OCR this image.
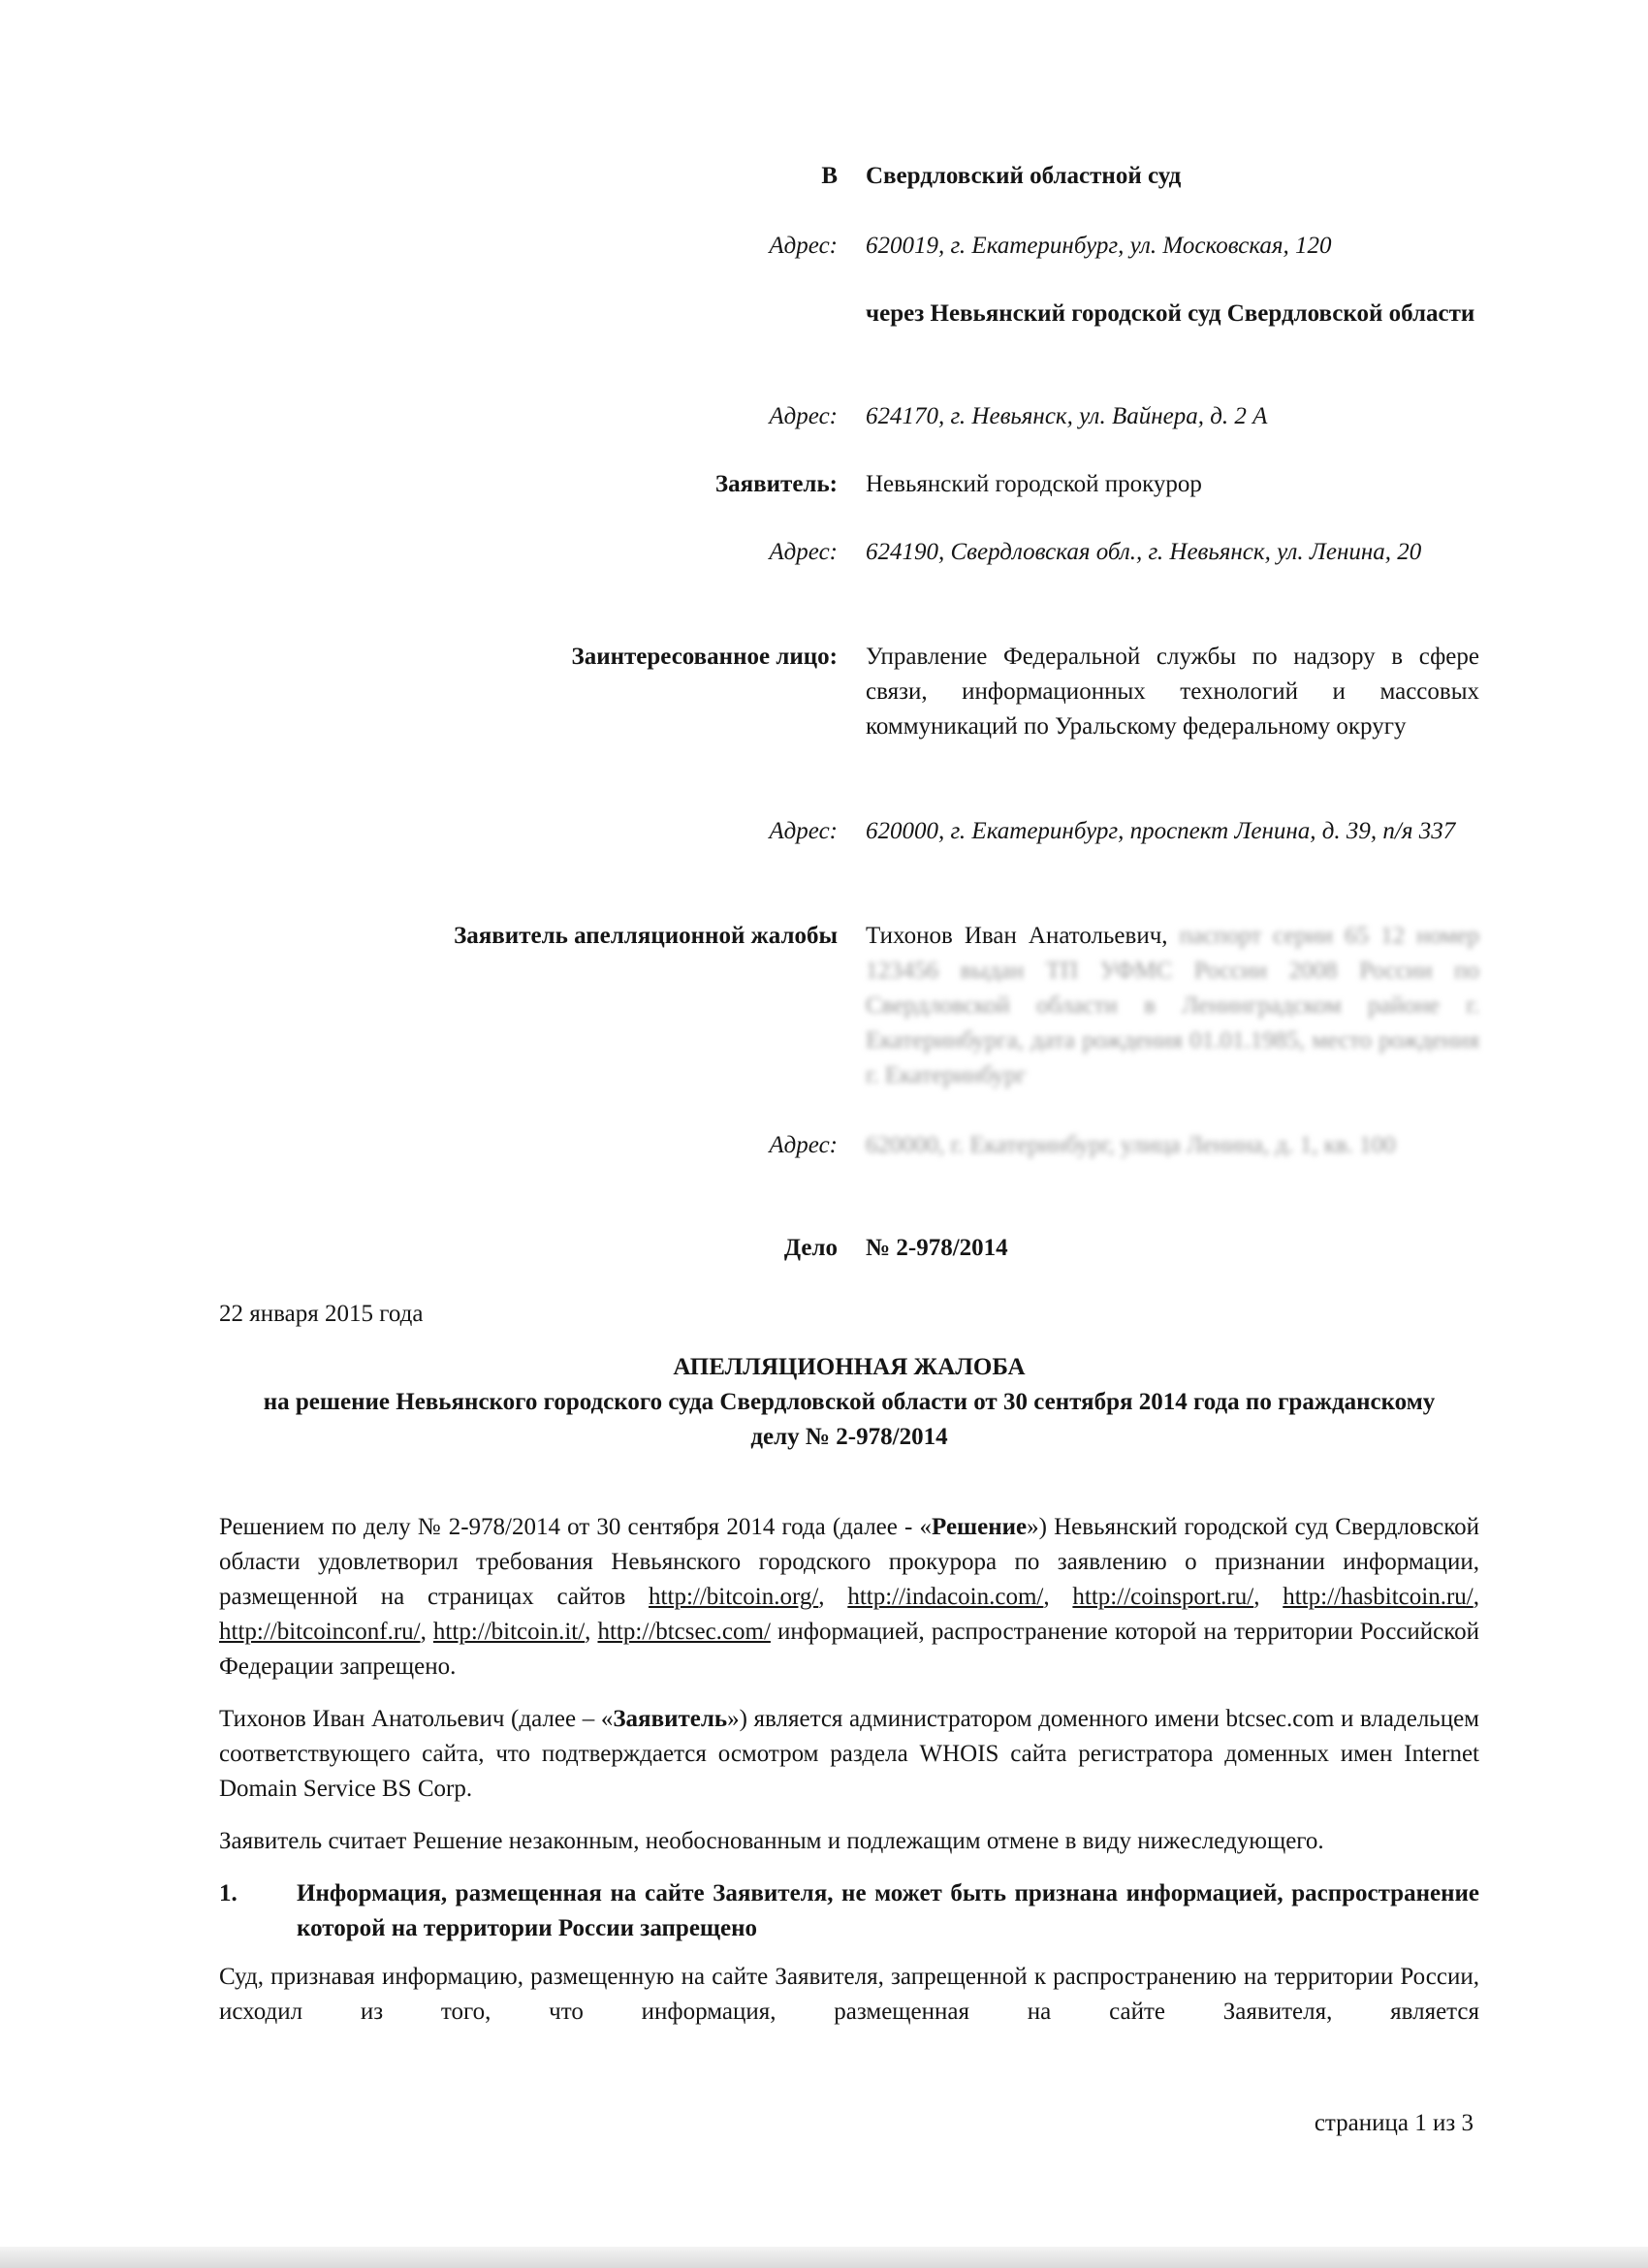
В Свердловский областной суд
Адрес: 620019, г. Екатеринбург, ул. Московская, 120
через Невьянский городской суд Свердловской области
Адрес: 624170, г. Невьянск, ул. Вайнера, д. 2 А
Заявитель: Невьянский городской прокурор
Адрес: 624190, Свердловская обл., г. Невьянск, ул. Ленина, 20
Заинтересованное лицо: Управление Федеральной службы по надзору в сфере связи, информационных технологий и массовых коммуникаций по Уральскому федеральному округу
Адрес: 620000, г. Екатеринбург, проспект Ленина, д. 39, п/я 337
Заявитель апелляционной жалобы Тихонов Иван Анатольевич, паспорт серии 65 12 номер 123456 выдан ТП УФМС России 2008 России по Свердловской области в Ленинградском районе г. Екатеринбурга, дата рождения 01.01.1985, место рождения г. Екатеринбург
Адрес: 620000, г. Екатеринбург, улица Ленина, д. 1, кв. 100
Дело № 2-978/2014
22 января 2015 года
АПЕЛЛЯЦИОННАЯ ЖАЛОБА
на решение Невьянского городского суда Свердловской области от 30 сентября 2014 года по гражданскому делу № 2-978/2014
Решением по делу № 2-978/2014 от 30 сентября 2014 года (далее - «Решение») Невьянский городской суд Свердловской области удовлетворил требования Невьянского городского прокурора по заявлению о признании информации, размещенной на страницах сайтов http://bitcoin.org/, http://indacoin.com/, http://coinsport.ru/, http://hasbitcoin.ru/, http://bitcoinconf.ru/, http://bitcoin.it/, http://btcsec.com/ информацией, распространение которой на территории Российской Федерации запрещено.
Тихонов Иван Анатольевич (далее – «Заявитель») является администратором доменного имени btcsec.com и владельцем соответствующего сайта, что подтверждается осмотром раздела WHOIS сайта регистратора доменных имен Internet Domain Service BS Corp.
Заявитель считает Решение незаконным, необоснованным и подлежащим отмене в виду нижеследующего.
1. Информация, размещенная на сайте Заявителя, не может быть признана информацией, распространение которой на территории России запрещено
Суд, признавая информацию, размещенную на сайте Заявителя, запрещенной к распространению на территории России, исходил из того, что информация, размещенная на сайте Заявителя, является
страница 1 из 3
